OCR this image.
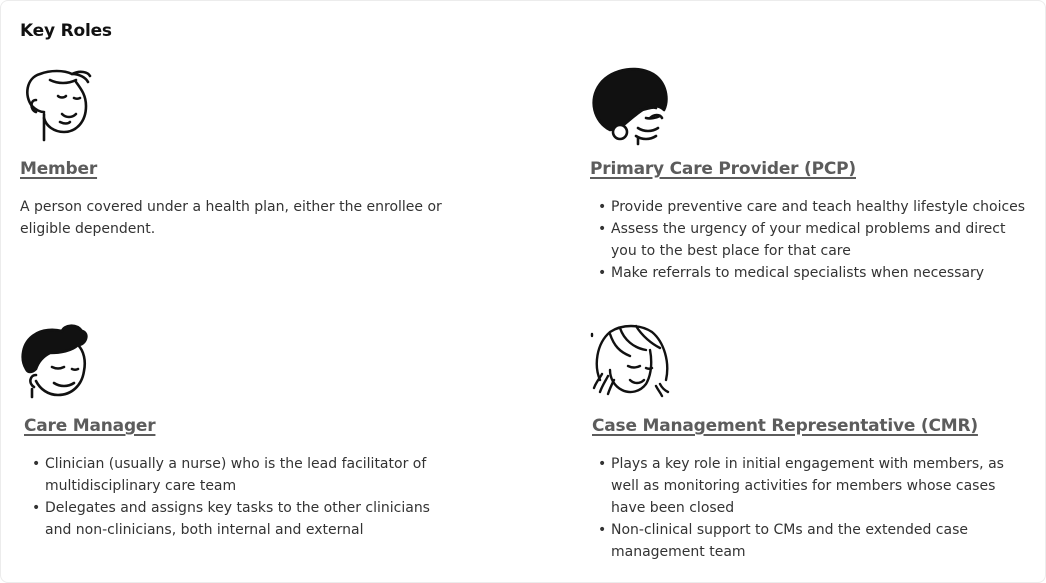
Key Roles
Member

A person covered under a health plan, either the enrollee or eligible dependent.

Primary Care Provider (PCP)
• Provide preventive care and teach healthy lifestyle choices
• Assess the urgency of your medical problems and direct you to the best place for that care
• Make referrals to medical specialists when necessary
Care Manager
• Clinician (usually a nurse) who is the lead facilitator of multidisciplinary care team
• Delegates and assigns key tasks to the other clinicians and non-clinicians, both internal and external
Case Management Representative (CMR)
• Plays a key role in initial engagement with members, as well as monitoring activities for members whose cases have been closed
• Non-clinical support to CMs and the extended case management team
